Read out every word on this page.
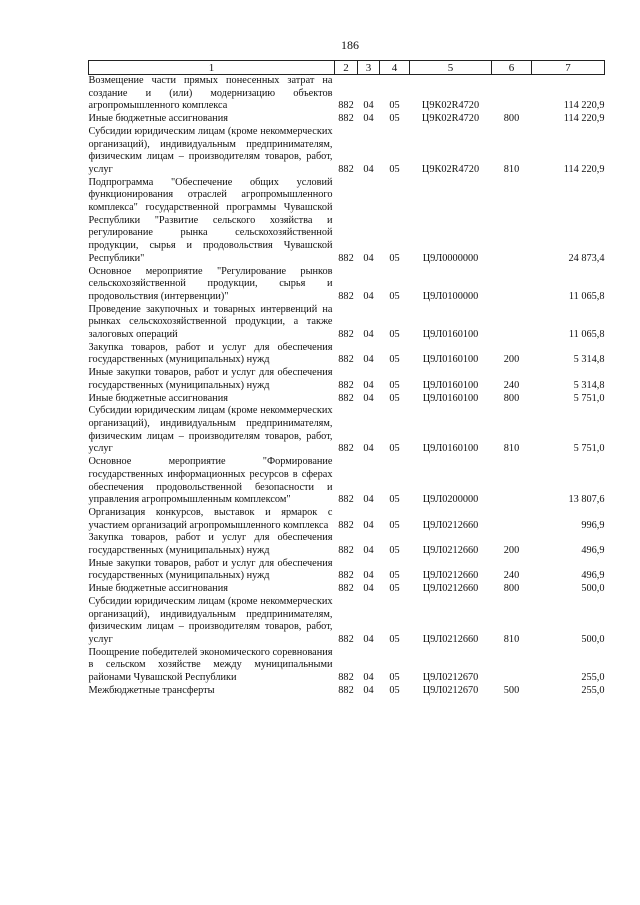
186
1	2	3	4	5	6	7
Возмещение части прямых понесенных затрат на создание и (или) модернизацию объектов агропромышленного комплекса	882	04	05	Ц9К02R4720		114 220,9
Иные бюджетные ассигнования	882	04	05	Ц9К02R4720	800	114 220,9
Субсидии юридическим лицам (кроме некоммерческих организаций), индивидуальным предпринимателям, физическим лицам – производителям товаров, работ, услуг	882	04	05	Ц9К02R4720	810	114 220,9
Подпрограмма "Обеспечение общих условий функционирования отраслей агропромышленного комплекса" государственной программы Чувашской Республики "Развитие сельского хозяйства и регулирование рынка сельскохозяйственной продукции, сырья и продовольствия Чувашской Республики"	882	04	05	Ц9Л0000000		24 873,4
Основное мероприятие "Регулирование рынков сельскохозяйственной продукции, сырья и продовольствия (интервенции)"	882	04	05	Ц9Л0100000		11 065,8
Проведение закупочных и товарных интервенций на рынках сельскохозяйственной продукции, а также залоговых операций	882	04	05	Ц9Л0160100		11 065,8
Закупка товаров, работ и услуг для обеспечения государственных (муниципальных) нужд	882	04	05	Ц9Л0160100	200	5 314,8
Иные закупки товаров, работ и услуг для обеспечения государственных (муниципальных) нужд	882	04	05	Ц9Л0160100	240	5 314,8
Иные бюджетные ассигнования	882	04	05	Ц9Л0160100	800	5 751,0
Субсидии юридическим лицам (кроме некоммерческих организаций), индивидуальным предпринимателям, физическим лицам – производителям товаров, работ, услуг	882	04	05	Ц9Л0160100	810	5 751,0
Основное мероприятие "Формирование государственных информационных ресурсов в сферах обеспечения продовольственной безопасности и управления агропромышленным комплексом"	882	04	05	Ц9Л0200000		13 807,6
Организация конкурсов, выставок и ярмарок с участием организаций агропромышленного комплекса	882	04	05	Ц9Л0212660		996,9
Закупка товаров, работ и услуг для обеспечения государственных (муниципальных) нужд	882	04	05	Ц9Л0212660	200	496,9
Иные закупки товаров, работ и услуг для обеспечения государственных (муниципальных) нужд	882	04	05	Ц9Л0212660	240	496,9
Иные бюджетные ассигнования	882	04	05	Ц9Л0212660	800	500,0
Субсидии юридическим лицам (кроме некоммерческих организаций), индивидуальным предпринимателям, физическим лицам – производителям товаров, работ, услуг	882	04	05	Ц9Л0212660	810	500,0
Поощрение победителей экономического соревнования в сельском хозяйстве между муниципальными районами Чувашской Республики	882	04	05	Ц9Л0212670		255,0
Межбюджетные трансферты	882	04	05	Ц9Л0212670	500	255,0
